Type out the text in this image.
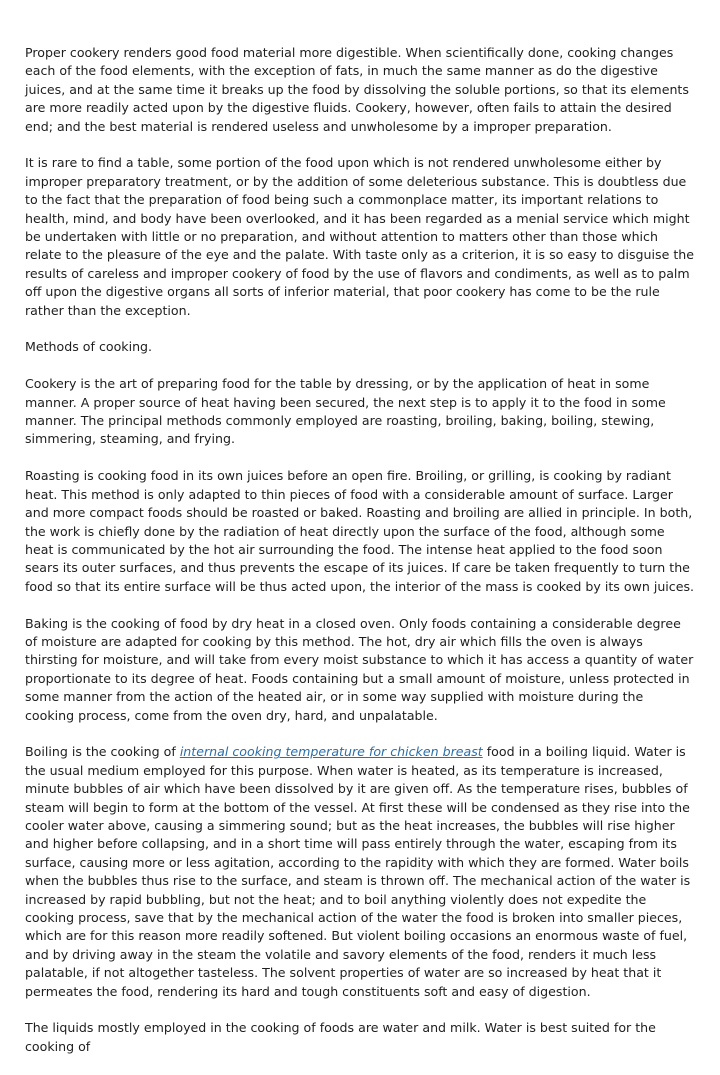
Proper cookery renders good food material more digestible. When scientifically done, cooking changes each of the food elements, with the exception of fats, in much the same manner as do the digestive juices, and at the same time it breaks up the food by dissolving the soluble portions, so that its elements are more readily acted upon by the digestive fluids. Cookery, however, often fails to attain the desired end; and the best material is rendered useless and unwholesome by a improper preparation.

It is rare to find a table, some portion of the food upon which is not rendered unwholesome either by improper preparatory treatment, or by the addition of some deleterious substance. This is doubtless due to the fact that the preparation of food being such a commonplace matter, its important relations to health, mind, and body have been overlooked, and it has been regarded as a menial service which might be undertaken with little or no preparation, and without attention to matters other than those which relate to the pleasure of the eye and the palate. With taste only as a criterion, it is so easy to disguise the results of careless and improper cookery of food by the use of flavors and condiments, as well as to palm off upon the digestive organs all sorts of inferior material, that poor cookery has come to be the rule rather than the exception.

Methods of cooking.

Cookery is the art of preparing food for the table by dressing, or by the application of heat in some manner. A proper source of heat having been secured, the next step is to apply it to the food in some manner. The principal methods commonly employed are roasting, broiling, baking, boiling, stewing, simmering, steaming, and frying.

Roasting is cooking food in its own juices before an open fire. Broiling, or grilling, is cooking by radiant heat. This method is only adapted to thin pieces of food with a considerable amount of surface. Larger and more compact foods should be roasted or baked. Roasting and broiling are allied in principle. In both, the work is chiefly done by the radiation of heat directly upon the surface of the food, although some heat is communicated by the hot air surrounding the food. The intense heat applied to the food soon sears its outer surfaces, and thus prevents the escape of its juices. If care be taken frequently to turn the food so that its entire surface will be thus acted upon, the interior of the mass is cooked by its own juices.

Baking is the cooking of food by dry heat in a closed oven. Only foods containing a considerable degree of moisture are adapted for cooking by this method. The hot, dry air which fills the oven is always thirsting for moisture, and will take from every moist substance to which it has access a quantity of water proportionate to its degree of heat. Foods containing but a small amount of moisture, unless protected in some manner from the action of the heated air, or in some way supplied with moisture during the cooking process, come from the oven dry, hard, and unpalatable.

Boiling is the cooking of internal cooking temperature for chicken breast food in a boiling liquid. Water is the usual medium employed for this purpose. When water is heated, as its temperature is increased, minute bubbles of air which have been dissolved by it are given off. As the temperature rises, bubbles of steam will begin to form at the bottom of the vessel. At first these will be condensed as they rise into the cooler water above, causing a simmering sound; but as the heat increases, the bubbles will rise higher and higher before collapsing, and in a short time will pass entirely through the water, escaping from its surface, causing more or less agitation, according to the rapidity with which they are formed. Water boils when the bubbles thus rise to the surface, and steam is thrown off. The mechanical action of the water is increased by rapid bubbling, but not the heat; and to boil anything violently does not expedite the cooking process, save that by the mechanical action of the water the food is broken into smaller pieces, which are for this reason more readily softened. But violent boiling occasions an enormous waste of fuel, and by driving away in the steam the volatile and savory elements of the food, renders it much less palatable, if not altogether tasteless. The solvent properties of water are so increased by heat that it permeates the food, rendering its hard and tough constituents soft and easy of digestion.

The liquids mostly employed in the cooking of foods are water and milk. Water is best suited for the cooking of
